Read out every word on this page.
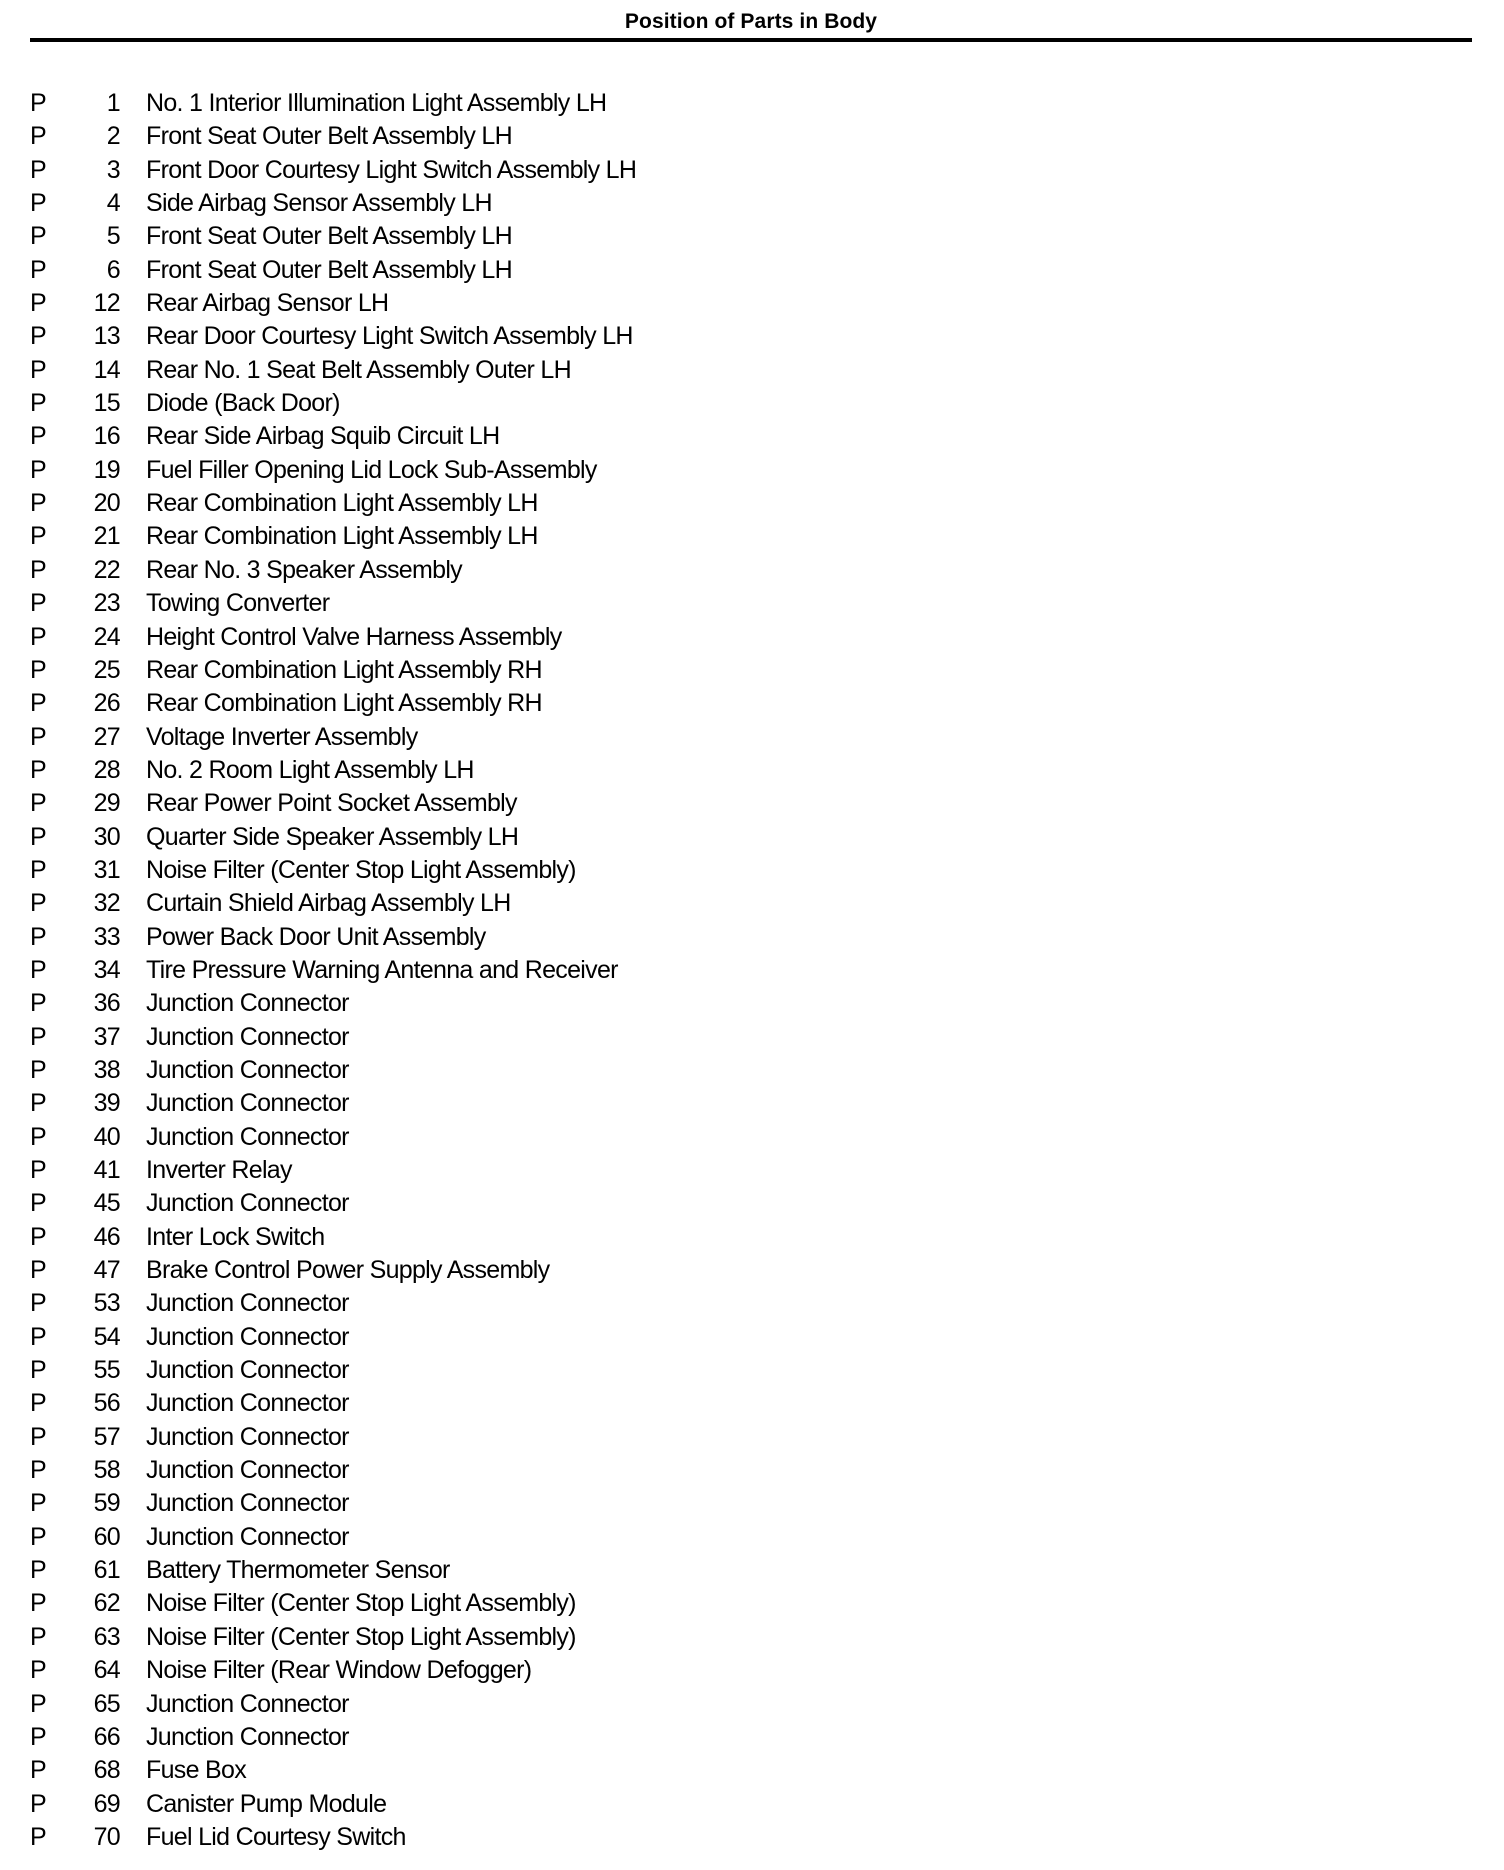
Position of Parts in Body
P 1 No. 1 Interior Illumination Light Assembly LH
P 2 Front Seat Outer Belt Assembly LH
P 3 Front Door Courtesy Light Switch Assembly LH
P 4 Side Airbag Sensor Assembly LH
P 5 Front Seat Outer Belt Assembly LH
P 6 Front Seat Outer Belt Assembly LH
P 12 Rear Airbag Sensor LH
P 13 Rear Door Courtesy Light Switch Assembly LH
P 14 Rear No. 1 Seat Belt Assembly Outer LH
P 15 Diode (Back Door)
P 16 Rear Side Airbag Squib Circuit LH
P 19 Fuel Filler Opening Lid Lock Sub-Assembly
P 20 Rear Combination Light Assembly LH
P 21 Rear Combination Light Assembly LH
P 22 Rear No. 3 Speaker Assembly
P 23 Towing Converter
P 24 Height Control Valve Harness Assembly
P 25 Rear Combination Light Assembly RH
P 26 Rear Combination Light Assembly RH
P 27 Voltage Inverter Assembly
P 28 No. 2 Room Light Assembly LH
P 29 Rear Power Point Socket Assembly
P 30 Quarter Side Speaker Assembly LH
P 31 Noise Filter (Center Stop Light Assembly)
P 32 Curtain Shield Airbag Assembly LH
P 33 Power Back Door Unit Assembly
P 34 Tire Pressure Warning Antenna and Receiver
P 36 Junction Connector
P 37 Junction Connector
P 38 Junction Connector
P 39 Junction Connector
P 40 Junction Connector
P 41 Inverter Relay
P 45 Junction Connector
P 46 Inter Lock Switch
P 47 Brake Control Power Supply Assembly
P 53 Junction Connector
P 54 Junction Connector
P 55 Junction Connector
P 56 Junction Connector
P 57 Junction Connector
P 58 Junction Connector
P 59 Junction Connector
P 60 Junction Connector
P 61 Battery Thermometer Sensor
P 62 Noise Filter (Center Stop Light Assembly)
P 63 Noise Filter (Center Stop Light Assembly)
P 64 Noise Filter (Rear Window Defogger)
P 65 Junction Connector
P 66 Junction Connector
P 68 Fuse Box
P 69 Canister Pump Module
P 70 Fuel Lid Courtesy Switch
